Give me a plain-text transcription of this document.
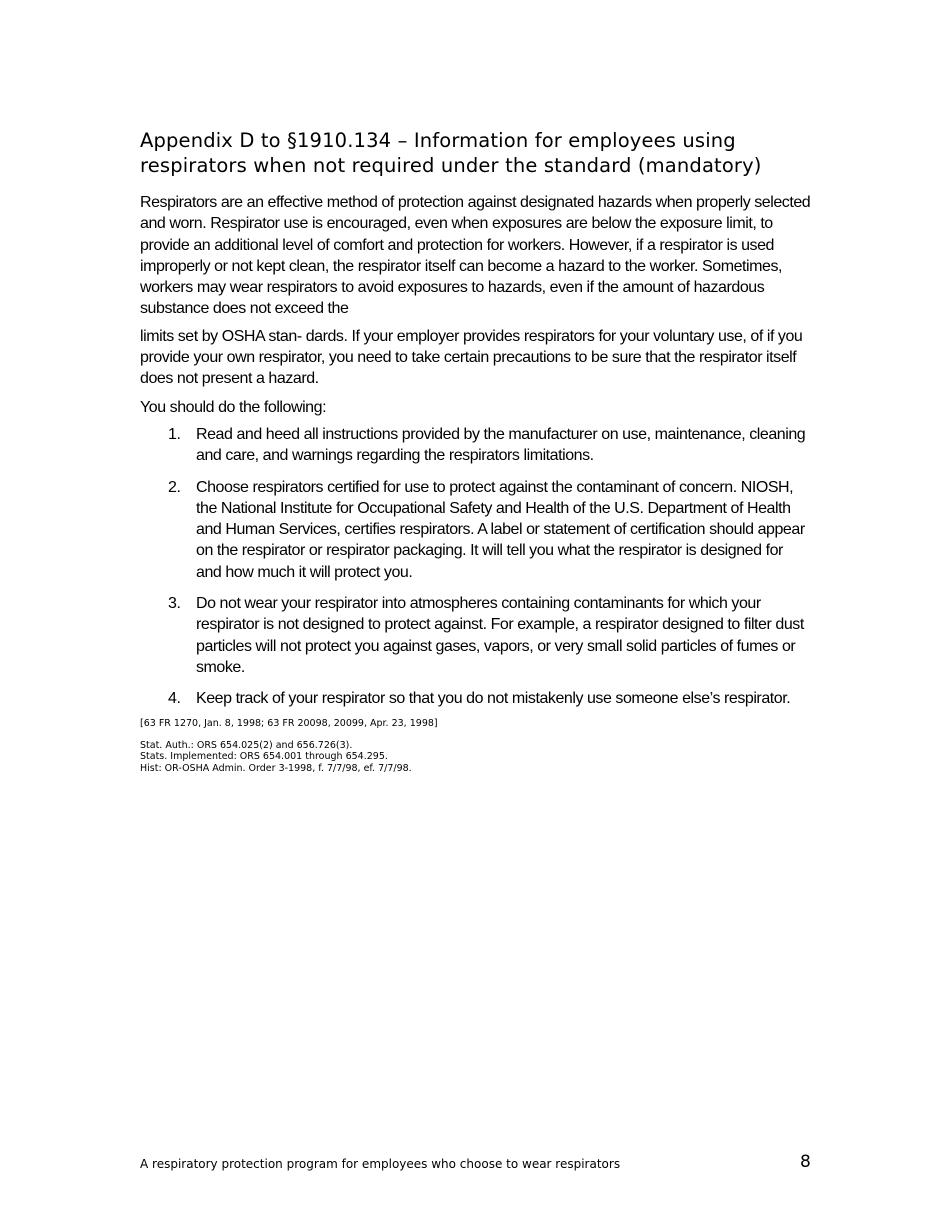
Appendix D to §1910.134 – Information for employees using respirators when not required under the standard (mandatory)

Respirators are an effective method of protection against designated hazards when properly selected and worn. Respirator use is encouraged, even when exposures are below the exposure limit, to provide an additional level of comfort and protection for workers. However, if a respirator is used improperly or not kept clean, the respirator itself can become a hazard to the worker. Sometimes, workers may wear respirators to avoid exposures to hazards, even if the amount of hazardous substance does not exceed the

limits set by OSHA stan- dards. If your employer provides respirators for your voluntary use, of if you provide your own respirator, you need to take certain precautions to be sure that the respirator itself does not present a hazard.

You should do the following:

1. Read and heed all instructions provided by the manufacturer on use, maintenance, cleaning and care, and warnings regarding the respirators limitations.
2. Choose respirators certified for use to protect against the contaminant of concern. NIOSH, the National Institute for Occupational Safety and Health of the U.S. Department of Health and Human Services, certifies respirators. A label or statement of certification should appear on the respirator or respirator packaging. It will tell you what the respirator is designed for and how much it will protect you.
3. Do not wear your respirator into atmospheres containing contaminants for which your respirator is not designed to protect against. For example, a respirator designed to filter dust particles will not protect you against gases, vapors, or very small solid particles of fumes or smoke.
4. Keep track of your respirator so that you do not mistakenly use someone else’s respirator.

[63 FR 1270, Jan. 8, 1998; 63 FR 20098, 20099, Apr. 23, 1998]

Stat. Auth.: ORS 654.025(2) and 656.726(3).

Stats. Implemented: ORS 654.001 through 654.295.

Hist: OR-OSHA Admin. Order 3-1998, f. 7/7/98, ef. 7/7/98.

A respiratory protection program for employees who choose to wear respirators	8
